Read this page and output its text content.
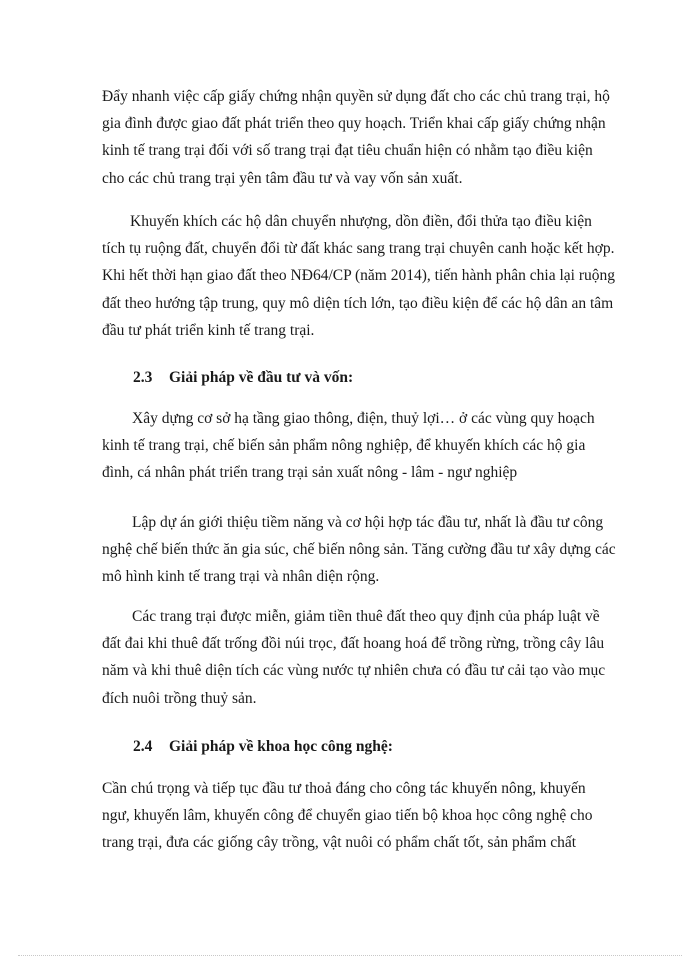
Đẩy nhanh việc cấp giấy chứng nhận quyền sử dụng đất cho các chủ trang trại, hộ
gia đình được giao đất phát triển theo quy hoạch. Triển khai cấp giấy chứng nhận
kinh tế trang trại đối với số trang trại đạt tiêu chuẩn hiện có nhằm tạo điều kiện
cho các chủ trang trại yên tâm đầu tư và vay vốn sản xuất.
Khuyến khích các hộ dân chuyển nhượng, dồn điền, đổi thửa tạo điều kiện
tích tụ ruộng đất, chuyển đổi từ đất khác sang trang trại chuyên canh hoặc kết hợp.
Khi hết thời hạn giao đất theo NĐ64/CP (năm 2014), tiến hành phân chia lại ruộng
đất theo hướng tập trung, quy mô diện tích lớn, tạo điều kiện để các hộ dân an tâm
đầu tư phát triển kinh tế trang trại.
2.3 Giải pháp về đầu tư và vốn:
Xây dựng cơ sở hạ tầng giao thông, điện, thuỷ lợi… ở các vùng quy hoạch
kinh tế trang trại, chế biến sản phẩm nông nghiệp, để khuyến khích các hộ gia
đình, cá nhân phát triển trang trại sản xuất nông - lâm - ngư nghiệp
Lập dự án giới thiệu tiềm năng và cơ hội hợp tác đầu tư, nhất là đầu tư công
nghệ chế biến thức ăn gia súc, chế biến nông sản. Tăng cường đầu tư xây dựng các
mô hình kinh tế trang trại và nhân diện rộng.
Các trang trại được miễn, giảm tiền thuê đất theo quy định của pháp luật về
đất đai khi thuê đất trống đồi núi trọc, đất hoang hoá để trồng rừng, trồng cây lâu
năm và khi thuê diện tích các vùng nước tự nhiên chưa có đầu tư cải tạo vào mục
đích nuôi trồng thuỷ sản.
2.4 Giải pháp về khoa học công nghệ:
Cần chú trọng và tiếp tục đầu tư thoả đáng cho công tác khuyến nông, khuyến
ngư, khuyến lâm, khuyến công để chuyển giao tiến bộ khoa học công nghệ cho
trang trại, đưa các giống cây trồng, vật nuôi có phẩm chất tốt, sản phẩm chất
